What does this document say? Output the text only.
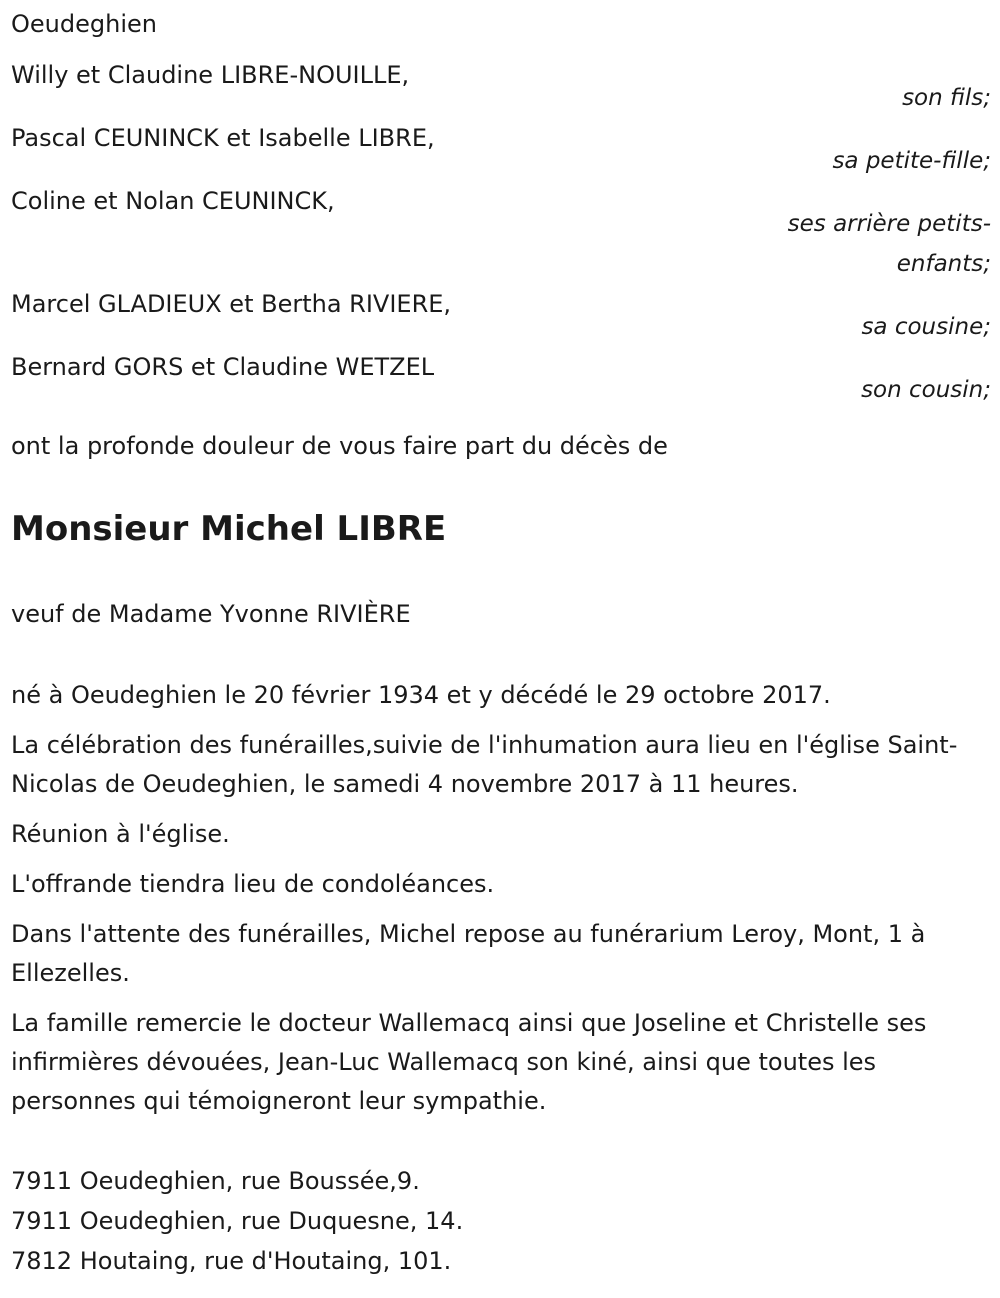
Oeudeghien
Willy et Claudine LIBRE-NOUILLE,
son fils;
Pascal CEUNINCK et Isabelle LIBRE,
sa petite-fille;
Coline et Nolan CEUNINCK,
ses arrière petits-
enfants;
Marcel GLADIEUX et Bertha RIVIERE,
sa cousine;
Bernard GORS et Claudine WETZEL
son cousin;
ont la profonde douleur de vous faire part du décès de
Monsieur Michel LIBRE
veuf de Madame Yvonne RIVIÈRE
né à Oeudeghien le 20 février 1934 et y décédé le 29 octobre 2017.
La célébration des funérailles,suivie de l'inhumation aura lieu en l'église Saint-Nicolas de Oeudeghien, le samedi 4 novembre 2017 à 11 heures.
Réunion à l'église.
L'offrande tiendra lieu de condoléances.
Dans l'attente des funérailles, Michel repose au funérarium Leroy, Mont, 1 à Ellezelles.
La famille remercie le docteur Wallemacq ainsi que Joseline et Christelle ses infirmières dévouées, Jean-Luc Wallemacq son kiné, ainsi que toutes les personnes qui témoigneront leur sympathie.
7911 Oeudeghien, rue Boussée,9.
7911 Oeudeghien, rue Duquesne, 14.
7812 Houtaing, rue d'Houtaing, 101.
